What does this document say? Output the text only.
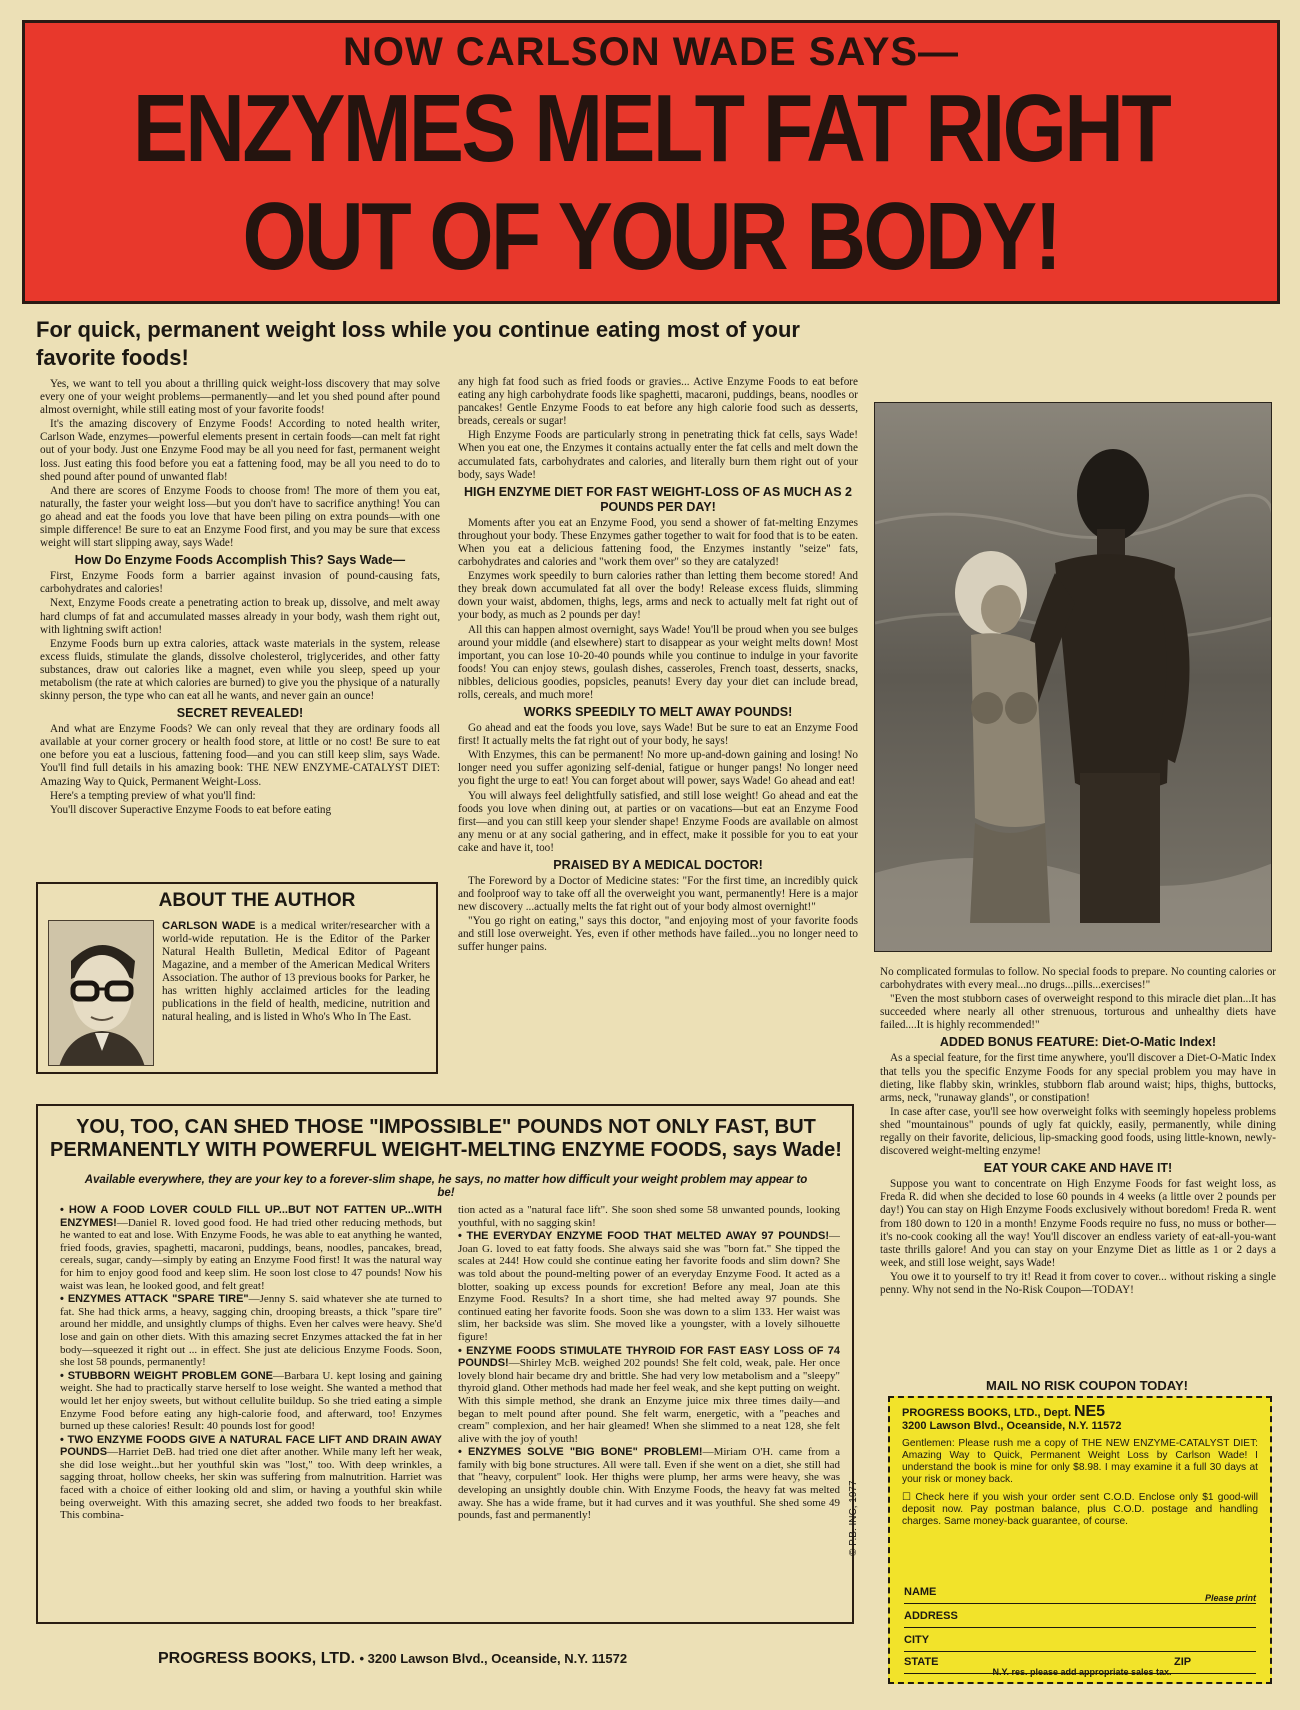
NOW CARLSON WADE SAYS—
ENZYMES MELT FAT RIGHT
OUT OF YOUR BODY!
For quick, permanent weight loss while you continue eating most of your favorite foods!

Yes, we want to tell you about a thrilling quick weight-loss discovery that may solve every one of your weight problems—permanently—and let you shed pound after pound almost overnight, while still eating most of your favorite foods!

It's the amazing discovery of Enzyme Foods! According to noted health writer, Carlson Wade, enzymes—powerful elements present in certain foods—can melt fat right out of your body. Just one Enzyme Food may be all you need for fast, permanent weight loss. Just eating this food before you eat a fattening food, may be all you need to do to shed pound after pound of unwanted flab!

And there are scores of Enzyme Foods to choose from! The more of them you eat, naturally, the faster your weight loss—but you don't have to sacrifice anything! You can go ahead and eat the foods you love that have been piling on extra pounds—with one simple difference! Be sure to eat an Enzyme Food first, and you may be sure that excess weight will start slipping away, says Wade!

How Do Enzyme Foods Accomplish This? Says Wade—

First, Enzyme Foods form a barrier against invasion of pound-causing fats, carbohydrates and calories!

Next, Enzyme Foods create a penetrating action to break up, dissolve, and melt away hard clumps of fat and accumulated masses already in your body, wash them right out, with lightning swift action!

Enzyme Foods burn up extra calories, attack waste materials in the system, release excess fluids, stimulate the glands, dissolve cholesterol, triglycerides, and other fatty substances, draw out calories like a magnet, even while you sleep, speed up your metabolism (the rate at which calories are burned) to give you the physique of a naturally skinny person, the type who can eat all he wants, and never gain an ounce!

SECRET REVEALED!

And what are Enzyme Foods? We can only reveal that they are ordinary foods all available at your corner grocery or health food store, at little or no cost! Be sure to eat one before you eat a luscious, fattening food—and you can still keep slim, says Wade. You'll find full details in his amazing book: THE NEW ENZYME-CATALYST DIET: Amazing Way to Quick, Permanent Weight-Loss.

Here's a tempting preview of what you'll find:

You'll discover Superactive Enzyme Foods to eat before eating

any high fat food such as fried foods or gravies... Active Enzyme Foods to eat before eating any high carbohydrate foods like spaghetti, macaroni, puddings, beans, noodles or pancakes! Gentle Enzyme Foods to eat before any high calorie food such as desserts, breads, cereals or sugar!

High Enzyme Foods are particularly strong in penetrating thick fat cells, says Wade! When you eat one, the Enzymes it contains actually enter the fat cells and melt down the accumulated fats, carbohydrates and calories, and literally burn them right out of your body, says Wade!

HIGH ENZYME DIET FOR FAST WEIGHT-LOSS OF AS MUCH AS 2 POUNDS PER DAY!

Moments after you eat an Enzyme Food, you send a shower of fat-melting Enzymes throughout your body. These Enzymes gather together to wait for food that is to be eaten. When you eat a delicious fattening food, the Enzymes instantly "seize" fats, carbohydrates and calories and "work them over" so they are catalyzed!

Enzymes work speedily to burn calories rather than letting them become stored! And they break down accumulated fat all over the body! Release excess fluids, slimming down your waist, abdomen, thighs, legs, arms and neck to actually melt fat right out of your body, as much as 2 pounds per day!

All this can happen almost overnight, says Wade! You'll be proud when you see bulges around your middle (and elsewhere) start to disappear as your weight melts down! Most important, you can lose 10-20-40 pounds while you continue to indulge in your favorite foods! You can enjoy stews, goulash dishes, casseroles, French toast, desserts, snacks, nibbles, delicious goodies, popsicles, peanuts! Every day your diet can include bread, rolls, cereals, and much more!

WORKS SPEEDILY TO MELT AWAY POUNDS!

Go ahead and eat the foods you love, says Wade! But be sure to eat an Enzyme Food first! It actually melts the fat right out of your body, he says!

With Enzymes, this can be permanent! No more up-and-down gaining and losing! No longer need you suffer agonizing self-denial, fatigue or hunger pangs! No longer need you fight the urge to eat! You can forget about will power, says Wade! Go ahead and eat!

You will always feel delightfully satisfied, and still lose weight! Go ahead and eat the foods you love when dining out, at parties or on vacations—but eat an Enzyme Food first—and you can still keep your slender shape! Enzyme Foods are available on almost any menu or at any social gathering, and in effect, make it possible for you to eat your cake and have it, too!

PRAISED BY A MEDICAL DOCTOR!

The Foreword by a Doctor of Medicine states: "For the first time, an incredibly quick and foolproof way to take off all the overweight you want, permanently! Here is a major new discovery ...actually melts the fat right out of your body almost overnight!"

"You go right on eating," says this doctor, "and enjoying most of your favorite foods and still lose overweight. Yes, even if other methods have failed...you no longer need to suffer hunger pains.

No complicated formulas to follow. No special foods to prepare. No counting calories or carbohydrates with every meal...no drugs...pills...exercises!"

"Even the most stubborn cases of overweight respond to this miracle diet plan...It has succeeded where nearly all other strenuous, torturous and unhealthy diets have failed....It is highly recommended!"

ADDED BONUS FEATURE: Diet-O-Matic Index!

As a special feature, for the first time anywhere, you'll discover a Diet-O-Matic Index that tells you the specific Enzyme Foods for any special problem you may have in dieting, like flabby skin, wrinkles, stubborn flab around waist; hips, thighs, buttocks, arms, neck, "runaway glands", or constipation!

In case after case, you'll see how overweight folks with seemingly hopeless problems shed "mountainous" pounds of ugly fat quickly, easily, permanently, while dining regally on their favorite, delicious, lip-smacking good foods, using little-known, newly-discovered weight-melting enzyme!

EAT YOUR CAKE AND HAVE IT!

Suppose you want to concentrate on High Enzyme Foods for fast weight loss, as Freda R. did when she decided to lose 60 pounds in 4 weeks (a little over 2 pounds per day!) You can stay on High Enzyme Foods exclusively without boredom! Freda R. went from 180 down to 120 in a month! Enzyme Foods require no fuss, no muss or bother—it's no-cook cooking all the way! You'll discover an endless variety of eat-all-you-want taste thrills galore! And you can stay on your Enzyme Diet as little as 1 or 2 days a week, and still lose weight, says Wade!

You owe it to yourself to try it! Read it from cover to cover... without risking a single penny. Why not send in the No-Risk Coupon—TODAY!

ABOUT THE AUTHOR
CARLSON WADE is a medical writer/researcher with a world-wide reputation. He is the Editor of the Parker Natural Health Bulletin, Medical Editor of Pageant Magazine, and a member of the American Medical Writers Association. The author of 13 previous books for Parker, he has written highly acclaimed articles for the leading publications in the field of health, medicine, nutrition and natural healing, and is listed in Who's Who In The East.
YOU, TOO, CAN SHED THOSE "IMPOSSIBLE" POUNDS NOT ONLY FAST, BUT PERMANENTLY WITH POWERFUL WEIGHT-MELTING ENZYME FOODS, says Wade!
Available everywhere, they are your key to a forever-slim shape, he says, no matter how difficult your weight problem may appear to be!

• HOW A FOOD LOVER COULD FILL UP...BUT NOT FATTEN UP...WITH ENZYMES!—Daniel R. loved good food. He had tried other reducing methods, but he wanted to eat and lose. With Enzyme Foods, he was able to eat anything he wanted, fried foods, gravies, spaghetti, macaroni, puddings, beans, noodles, pancakes, bread, cereals, sugar, candy—simply by eating an Enzyme Food first! It was the natural way for him to enjoy good food and keep slim. He soon lost close to 47 pounds! Now his waist was lean, he looked good, and felt great!

• ENZYMES ATTACK "SPARE TIRE"—Jenny S. said whatever she ate turned to fat. She had thick arms, a heavy, sagging chin, drooping breasts, a thick "spare tire" around her middle, and unsightly clumps of thighs. Even her calves were heavy. She'd lose and gain on other diets. With this amazing secret Enzymes attacked the fat in her body—squeezed it right out ... in effect. She just ate delicious Enzyme Foods. Soon, she lost 58 pounds, permanently!

• STUBBORN WEIGHT PROBLEM GONE—Barbara U. kept losing and gaining weight. She had to practically starve herself to lose weight. She wanted a method that would let her enjoy sweets, but without cellulite buildup. So she tried eating a simple Enzyme Food before eating any high-calorie food, and afterward, too! Enzymes burned up these calories! Result: 40 pounds lost for good!

• TWO ENZYME FOODS GIVE A NATURAL FACE LIFT AND DRAIN AWAY POUNDS—Harriet DeB. had tried one diet after another. While many left her weak, she did lose weight...but her youthful skin was "lost," too. With deep wrinkles, a sagging throat, hollow cheeks, her skin was suffering from malnutrition. Harriet was faced with a choice of either looking old and slim, or having a youthful skin while being overweight. With this amazing secret, she added two foods to her breakfast. This combina-

tion acted as a "natural face lift". She soon shed some 58 unwanted pounds, looking youthful, with no sagging skin!

• THE EVERYDAY ENZYME FOOD THAT MELTED AWAY 97 POUNDS!—Joan G. loved to eat fatty foods. She always said she was "born fat." She tipped the scales at 244! How could she continue eating her favorite foods and slim down? She was told about the pound-melting power of an everyday Enzyme Food. It acted as a blotter, soaking up excess pounds for excretion! Before any meal, Joan ate this Enzyme Food. Results? In a short time, she had melted away 97 pounds. She continued eating her favorite foods. Soon she was down to a slim 133. Her waist was slim, her backside was slim. She moved like a youngster, with a lovely silhouette figure!

• ENZYME FOODS STIMULATE THYROID FOR FAST EASY LOSS OF 74 POUNDS!—Shirley McB. weighed 202 pounds! She felt cold, weak, pale. Her once lovely blond hair became dry and brittle. She had very low metabolism and a "sleepy" thyroid gland. Other methods had made her feel weak, and she kept putting on weight. With this simple method, she drank an Enzyme juice mix three times daily—and began to melt pound after pound. She felt warm, energetic, with a "peaches and cream" complexion, and her hair gleamed! When she slimmed to a neat 128, she felt alive with the joy of youth!

• ENZYMES SOLVE "BIG BONE" PROBLEM!—Miriam O'H. came from a family with big bone structures. All were tall. Even if she went on a diet, she still had that "heavy, corpulent" look. Her thighs were plump, her arms were heavy, she was developing an unsightly double chin. With Enzyme Foods, the heavy fat was melted away. She has a wide frame, but it had curves and it was youthful. She shed some 49 pounds, fast and permanently!	© P.B. INC, 1977
PROGRESS BOOKS, LTD. • 3200 Lawson Blvd., Oceanside, N.Y. 11572
MAIL NO RISK COUPON TODAY!
PROGRESS BOOKS, LTD., Dept. NE5
3200 Lawson Blvd., Oceanside, N.Y. 11572

Gentlemen: Please rush me a copy of THE NEW ENZYME-CATALYST DIET: Amazing Way to Quick, Permanent Weight Loss by Carlson Wade! I understand the book is mine for only $8.98. I may examine it a full 30 days at your risk or money back.

☐ Check here if you wish your order sent C.O.D. Enclose only $1 good-will deposit now. Pay postman balance, plus C.O.D. postage and handling charges. Same money-back guarantee, of course.

NAME	Please print
ADDRESS
CITY
STATE	ZIP
N.Y. res. please add appropriate sales tax.
